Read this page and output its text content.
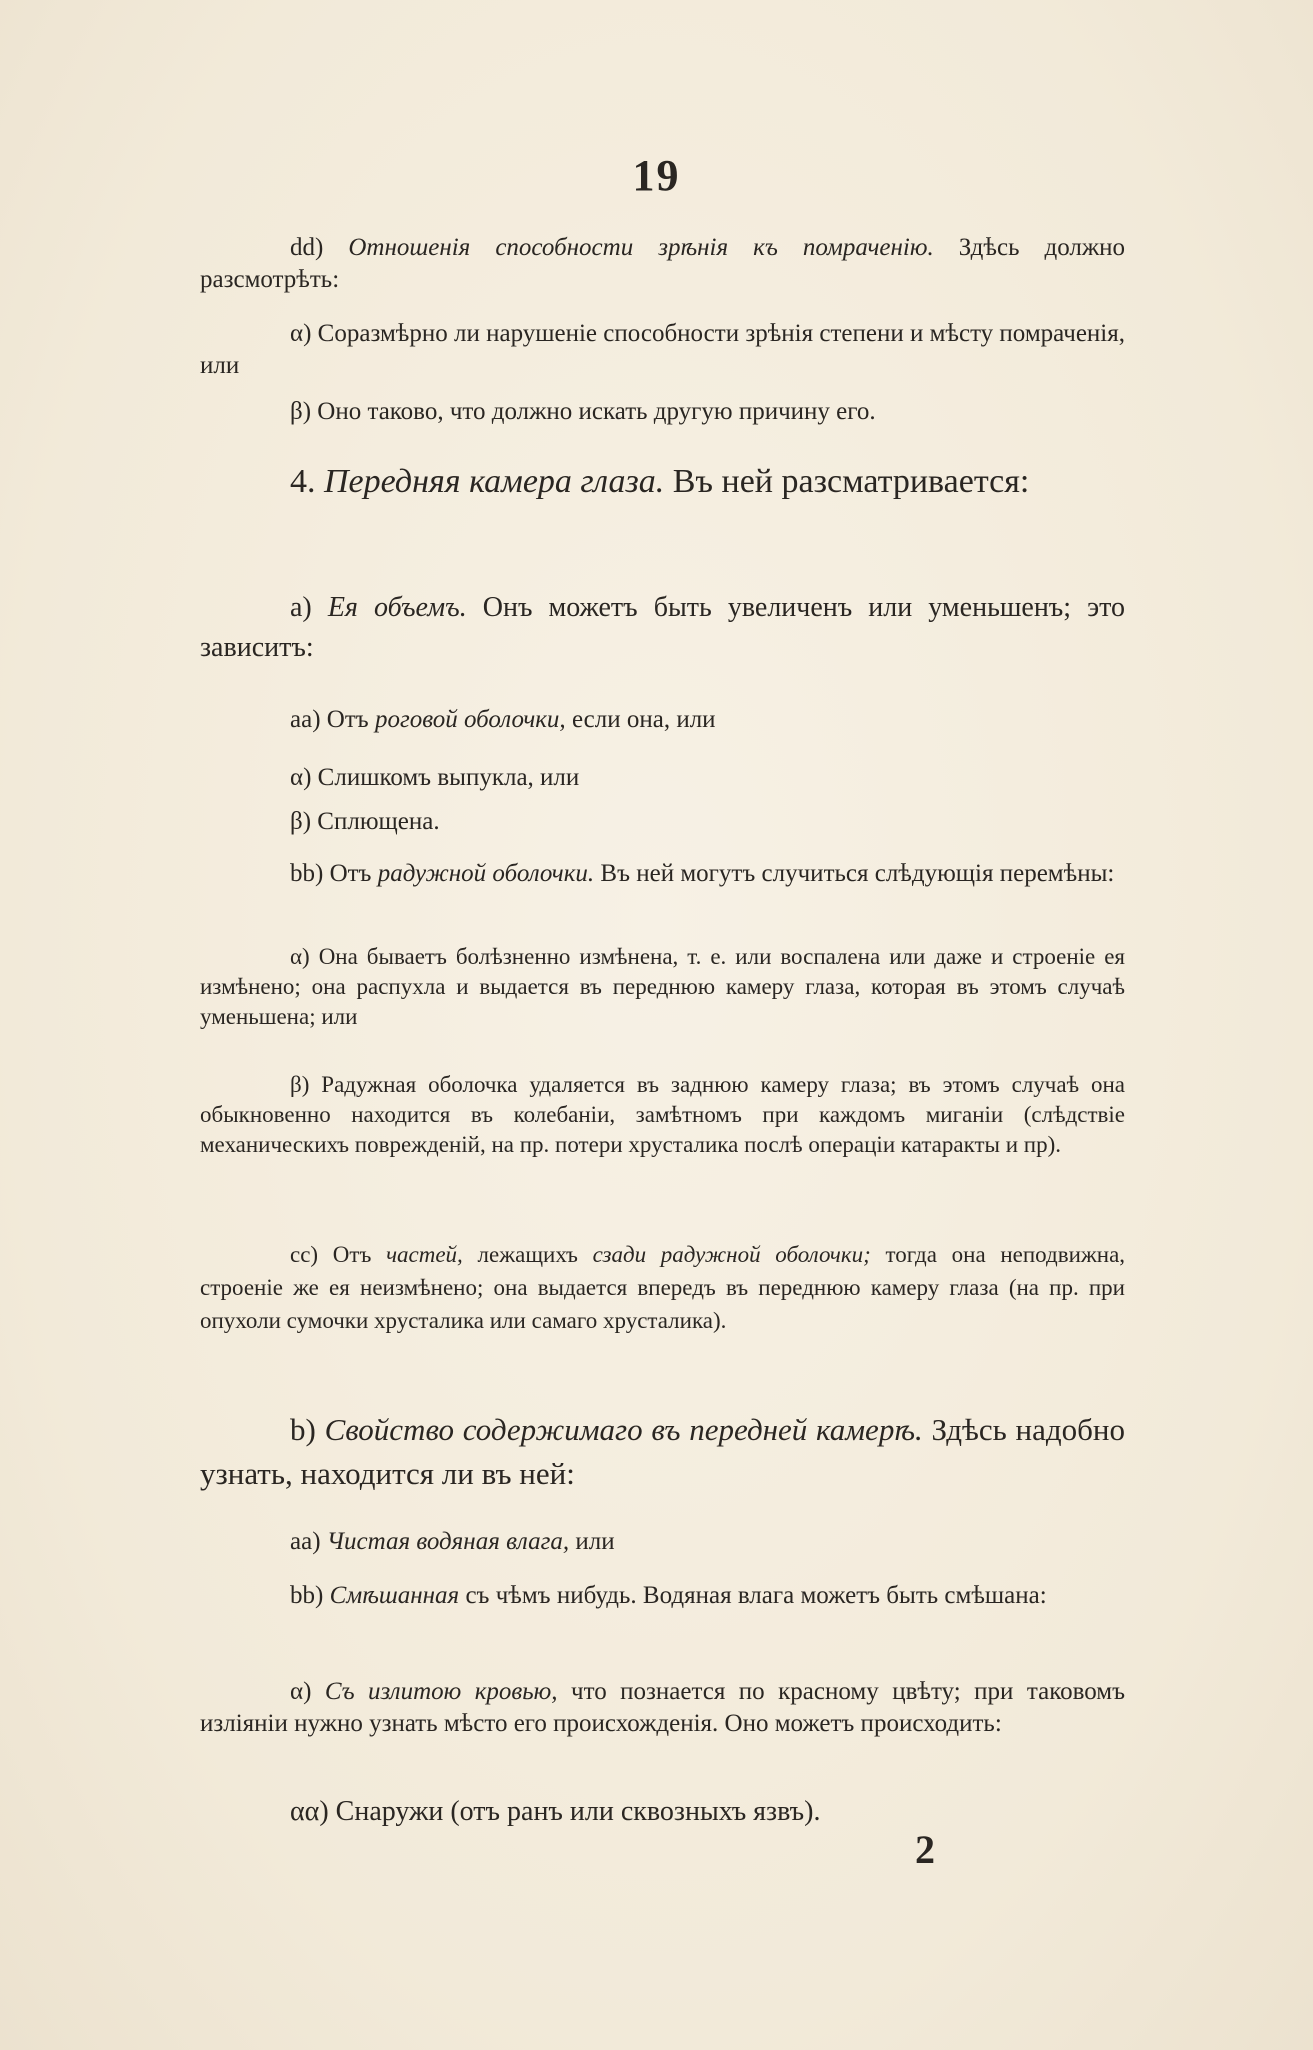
19

dd) Отношенія способности зрѣнія къ помраченію. Здѣсь должно разсмотрѣть:

α) Соразмѣрно ли нарушеніе способности зрѣнія степени и мѣсту помраченія, или

β) Оно таково, что должно искать другую причину его.

4. Передняя камера глаза. Въ ней разсматривается:

a) Ея объемъ. Онъ можетъ быть увеличенъ или уменьшенъ; это зависитъ:

aa) Отъ роговой оболочки, если она, или

α) Слишкомъ выпукла, или

β) Сплющена.

bb) Отъ радужной оболочки. Въ ней могутъ случиться слѣдующія перемѣны:

α) Она бываетъ болѣзненно измѣнена, т. е. или воспалена или даже и строеніе ея измѣнено; она распухла и выдается въ переднюю камеру глаза, которая въ этомъ случаѣ уменьшена; или

β) Радужная оболочка удаляется въ заднюю камеру глаза; въ этомъ случаѣ она обыкновенно находится въ колебаніи, замѣтномъ при каждомъ миганіи (слѣдствіе механическихъ поврежденій, на пр. потери хрусталика послѣ операціи катаракты и пр).

cc) Отъ частей, лежащихъ сзади радужной оболочки; тогда она неподвижна, строеніе же ея неизмѣнено; она выдается впередъ въ переднюю камеру глаза (на пр. при опухоли сумочки хрусталика или самаго хрусталика).

b) Свойство содержимаго въ передней камерѣ. Здѣсь надобно узнать, находится ли въ ней:

aa) Чистая водяная влага, или

bb) Смѣшанная съ чѣмъ нибудь. Водяная влага можетъ быть смѣшана:

α) Съ излитою кровью, что познается по красному цвѣту; при таковомъ изліяніи нужно узнать мѣсто его происхожденія. Оно можетъ происходить:

αα) Снаружи (отъ ранъ или сквозныхъ язвъ).

2
